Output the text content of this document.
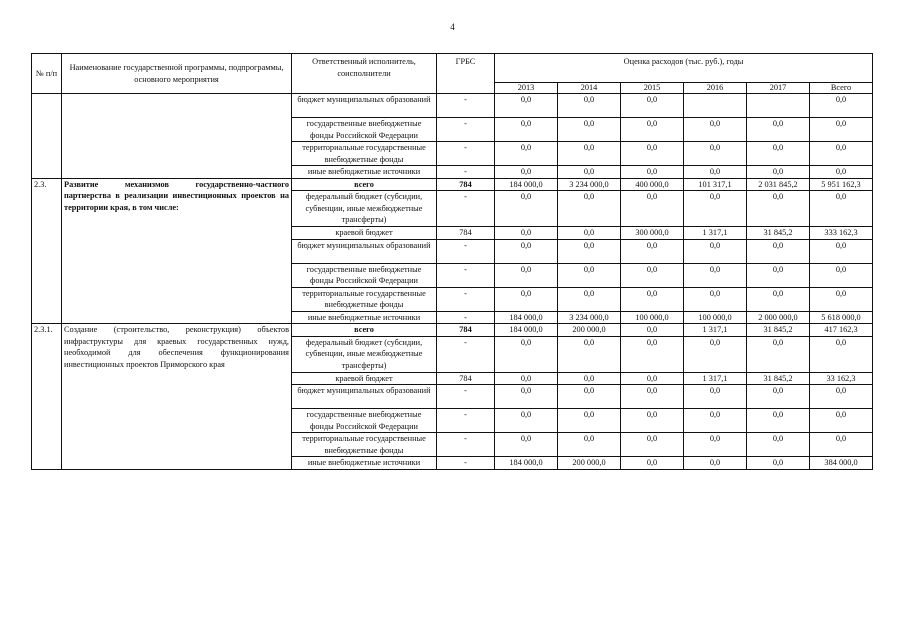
4
№ п/п	Наименование государственной программы, подпрограммы, основного мероприятия	Ответственный исполнитель, соисполнители	ГРБС	Оценка расходов (тыс. руб.), годы					
				2013	2014	2015	2016	2017	Всего
		бюджет муниципальных образований	-	0,0	0,0	0,0			0,0
		государственные внебюджетные фонды Российской Федерации	-	0,0	0,0	0,0	0,0	0,0	0,0
		территориальные государственные внебюджетные фонды	-	0,0	0,0	0,0	0,0	0,0	0,0
		иные внебюджетные источники	-	0,0	0,0	0,0	0,0	0,0	0,0
2.3.	Развитие механизмов государственно-частного партнерства в реализации инвестиционных проектов на территории края, в том числе:	всего	784	184 000,0	3 234 000,0	400 000,0	101 317,1	2 031 845,2	5 951 162,3
		федеральный бюджет (субсидии, субвенции, иные межбюджетные трансферты)	-	0,0	0,0	0,0	0,0	0,0	0,0
		краевой бюджет	784	0,0	0,0	300 000,0	1 317,1	31 845,2	333 162,3
		бюджет муниципальных образований	-	0,0	0,0	0,0	0,0	0,0	0,0
		государственные внебюджетные фонды Российской Федерации	-	0,0	0,0	0,0	0,0	0,0	0,0
		территориальные государственные внебюджетные фонды	-	0,0	0,0	0,0	0,0	0,0	0,0
		иные внебюджетные источники	-	184 000,0	3 234 000,0	100 000,0	100 000,0	2 000 000,0	5 618 000,0
2.3.1.	Создание (строительство, реконструкция) объектов инфраструктуры для краевых государственных нужд, необходимой для обеспечения функционирования инвестиционных проектов Приморского края	всего	784	184 000,0	200 000,0	0,0	1 317,1	31 845,2	417 162,3
		федеральный бюджет (субсидии, субвенции, иные межбюджетные трансферты)	-	0,0	0,0	0,0	0,0	0,0	0,0
		краевой бюджет	784	0,0	0,0	0,0	1 317,1	31 845,2	33 162,3
		бюджет муниципальных образований	-	0,0	0,0	0,0	0,0	0,0	0,0
		государственные внебюджетные фонды Российской Федерации	-	0,0	0,0	0,0	0,0	0,0	0,0
		территориальные государственные внебюджетные фонды	-	0,0	0,0	0,0	0,0	0,0	0,0
		иные внебюджетные источники	-	184 000,0	200 000,0	0,0	0,0	0,0	384 000,0
